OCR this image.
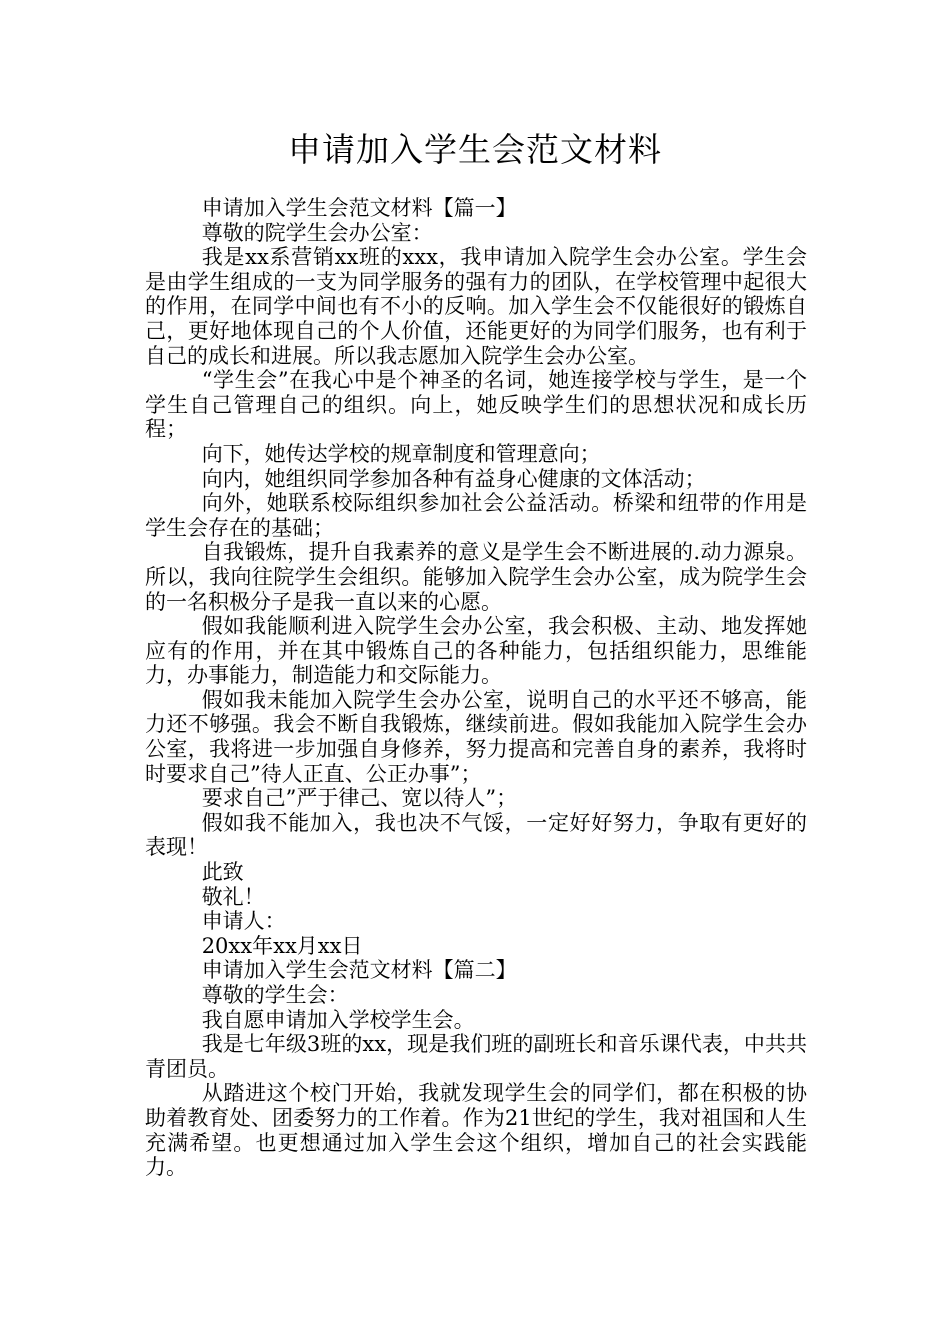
申请加入学生会范文材料

申请加入学生会范文材料【篇一】

尊敬的院学生会办公室：

我是xx系营销xx班的xxx，我申请加入院学生会办公室。学生会是由学生组成的一支为同学服务的强有力的团队，在学校管理中起很大的作用，在同学中间也有不小的反响。加入学生会不仅能很好的锻炼自己，更好地体现自己的个人价值，还能更好的为同学们服务，也有利于自己的成长和进展。所以我志愿加入院学生会办公室。

“学生会”在我心中是个神圣的名词，她连接学校与学生，是一个学生自己管理自己的组织。向上，她反映学生们的思想状况和成长历程；

向下，她传达学校的规章制度和管理意向；

向内，她组织同学参加各种有益身心健康的文体活动；

向外，她联系校际组织参加社会公益活动。桥梁和纽带的作用是学生会存在的基础；

自我锻炼，提升自我素养的意义是学生会不断进展的.动力源泉。所以，我向往院学生会组织。能够加入院学生会办公室，成为院学生会的一名积极分子是我一直以来的心愿。

假如我能顺利进入院学生会办公室，我会积极、主动、地发挥她应有的作用，并在其中锻炼自己的各种能力，包括组织能力，思维能力，办事能力，制造能力和交际能力。

假如我未能加入院学生会办公室，说明自己的水平还不够高，能力还不够强。我会不断自我锻炼，继续前进。假如我能加入院学生会办公室，我将进一步加强自身修养，努力提高和完善自身的素养，我将时时要求自己”待人正直、公正办事”；

要求自己”严于律己、宽以待人”；

假如我不能加入，我也决不气馁，一定好好努力，争取有更好的表现！

此致

敬礼！

申请人：

20xx年xx月xx日

申请加入学生会范文材料【篇二】

尊敬的学生会：

我自愿申请加入学校学生会。

我是七年级3班的xx，现是我们班的副班长和音乐课代表，中共共青团员。

从踏进这个校门开始，我就发现学生会的同学们，都在积极的协助着教育处、团委努力的工作着。作为21世纪的学生，我对祖国和人生充满希望。也更想通过加入学生会这个组织，增加自己的社会实践能力。
